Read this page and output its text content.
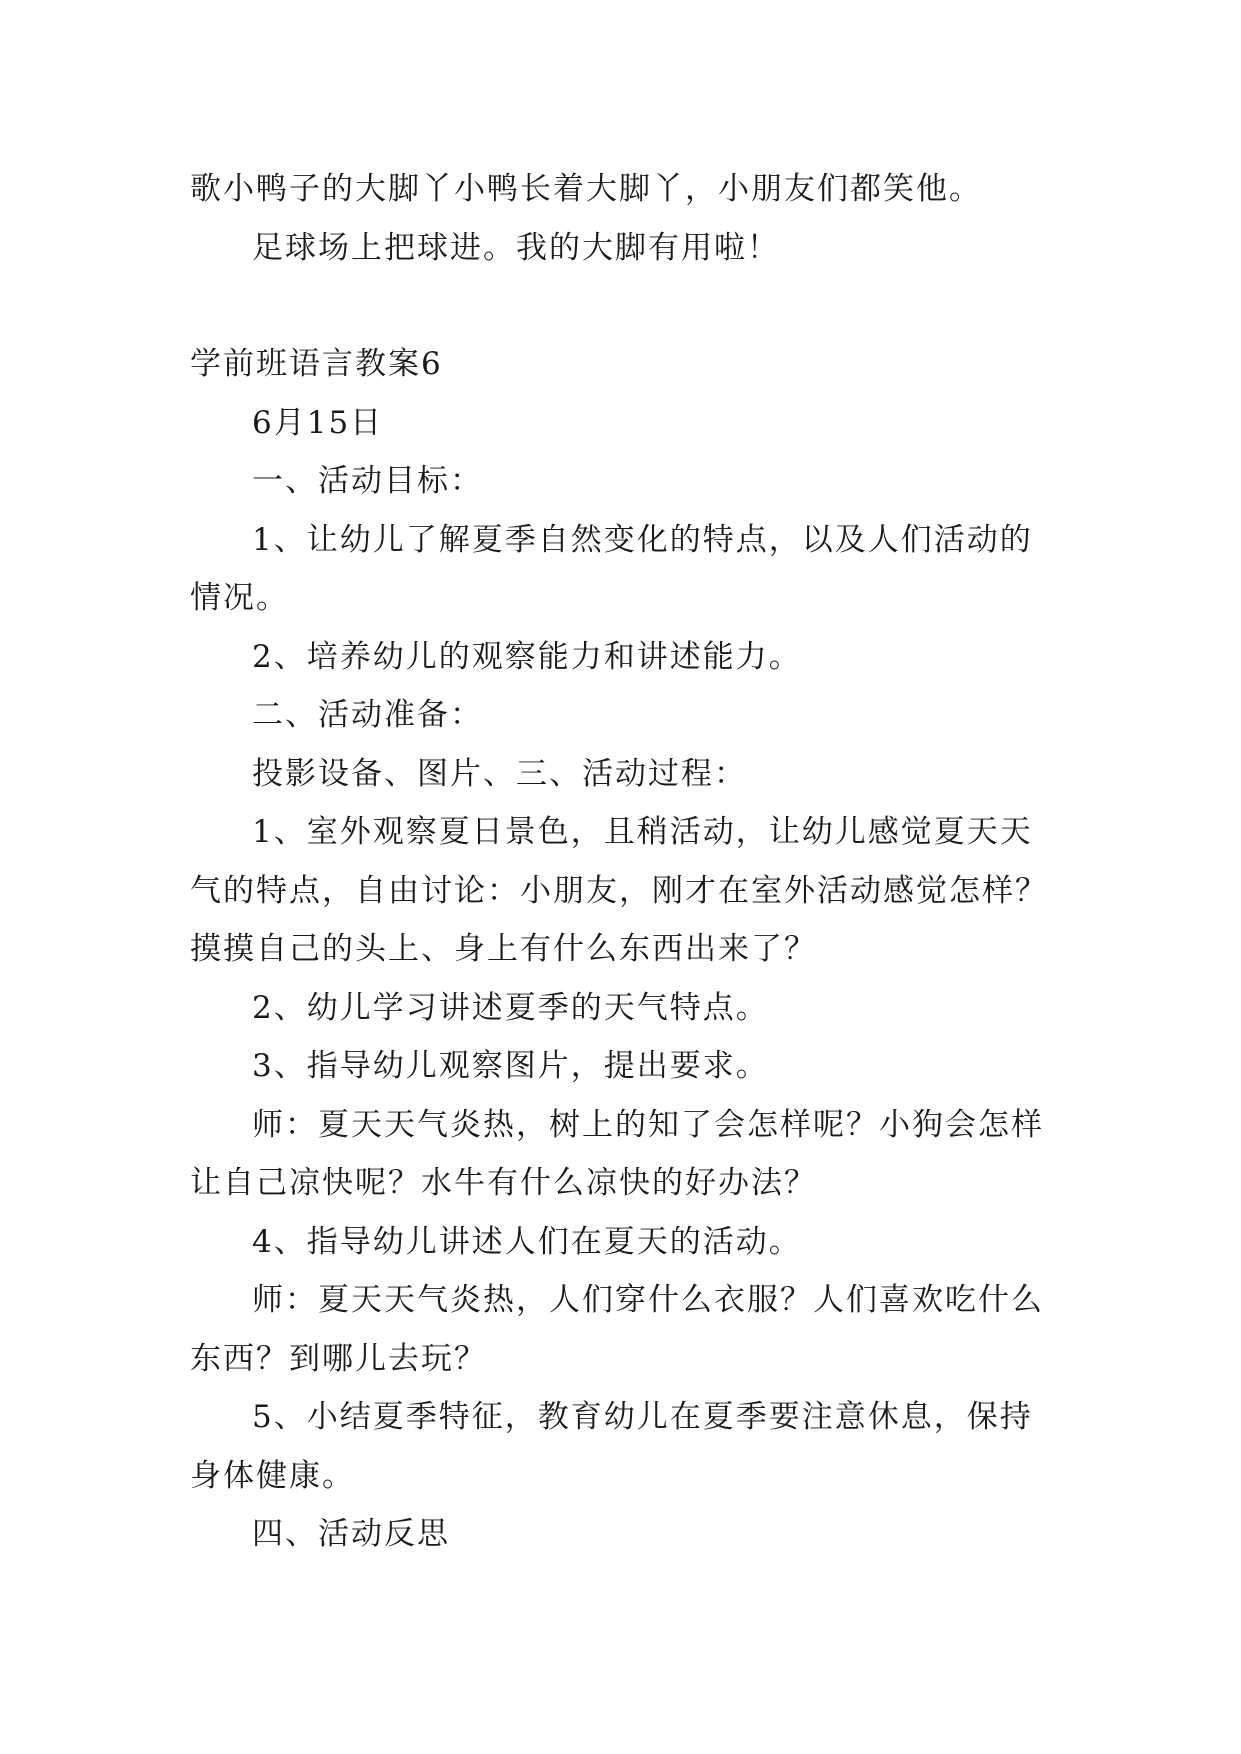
歌小鸭子的大脚丫小鸭长着大脚丫，小朋友们都笑他。

足球场上把球进。我的大脚有用啦！

学前班语言教案6

6月15日

一、活动目标：

1、让幼儿了解夏季自然变化的特点，以及人们活动的情况。

2、培养幼儿的观察能力和讲述能力。

二、活动准备：

投影设备、图片、三、活动过程：

1、室外观察夏日景色，且稍活动，让幼儿感觉夏天天气的特点，自由讨论：小朋友，刚才在室外活动感觉怎样？摸摸自己的头上、身上有什么东西出来了？

2、幼儿学习讲述夏季的天气特点。

3、指导幼儿观察图片，提出要求。

师：夏天天气炎热，树上的知了会怎样呢？小狗会怎样让自己凉快呢？水牛有什么凉快的好办法？

4、指导幼儿讲述人们在夏天的活动。

师：夏天天气炎热，人们穿什么衣服？人们喜欢吃什么东西？到哪儿去玩？

5、小结夏季特征，教育幼儿在夏季要注意休息，保持身体健康。

四、活动反思
